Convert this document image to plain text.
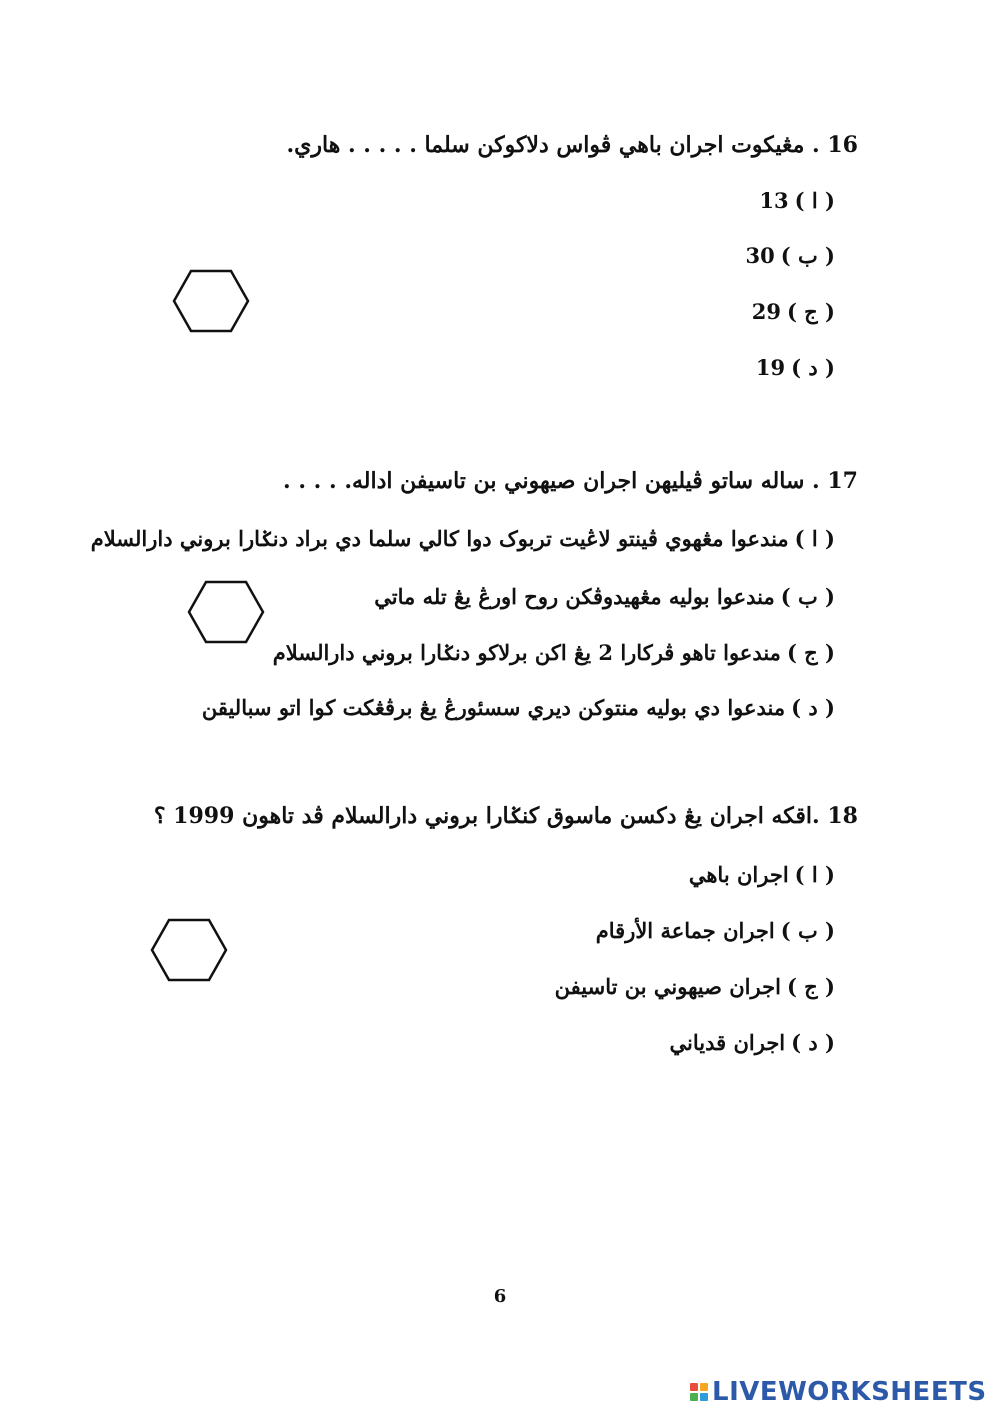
16 . مڠيکوت اجران باهي ڤواس دلاکوکن سلما . . . . . هاري.
( ا )13
( ب )30
( ج )29
( د )19
17 . ساله ساتو ڤيليهن اجران صيهوني بن تاسيفن اداله. . . . .
( ا )مندعوا مڠهوي ڤينتو لاڠيت تربوک دوا کالي سلما دي براد دنݢارا بروني دارالسلام
( ب )مندعوا بوليه مڠهيدوڤکن روح اورڠ يڠ تله ماتي
( ج )مندعوا تاهو ڤرکارا 2 يڠ اکن برلاکو دنݢارا بروني دارالسلام
( د )مندعوا دي بوليه منتوکن ديري سسئورڠ يڠ برڤڠکت کوا اتو سباليقن
18 .اقکه اجران يڠ دکسن ماسوق کنݢارا بروني دارالسلام ڤد تاهون 1999 ؟
( ا )اجران باهي
( ب )اجران جماعة الأرقام
( ج )اجران صيهوني بن تاسيفن
( د )اجران قدياني
6
LIVEWORKSHEETS
